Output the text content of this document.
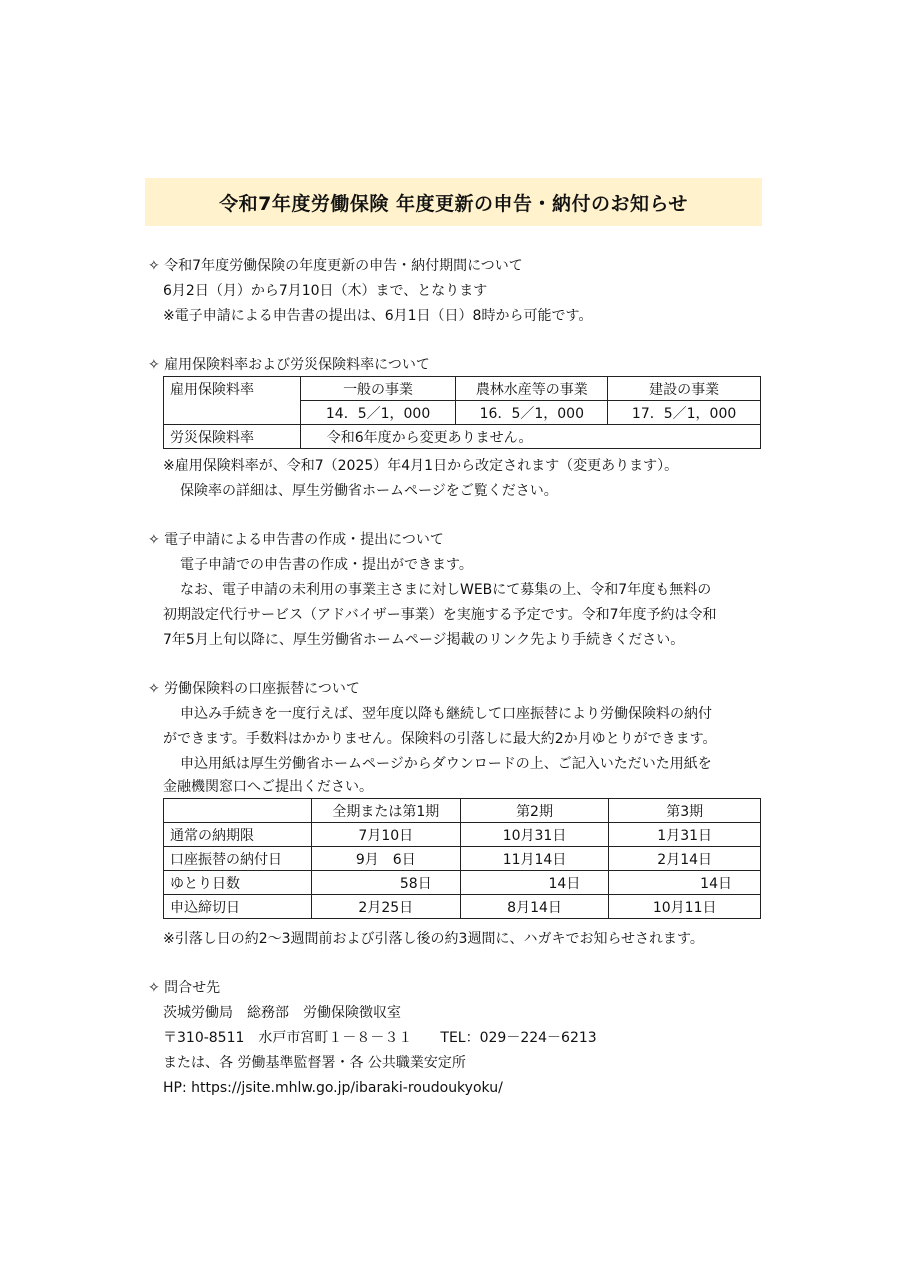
令和7年度労働保険 年度更新の申告・納付のお知らせ
✧ 令和7年度労働保険の年度更新の申告・納付期間について
6月2日（月）から7月10日（木）まで、となります
※電子申請による申告書の提出は、6月1日（日）8時から可能です。
✧ 雇用保険料率および労災保険料率について
雇用保険料率	一般の事業	農林水産等の事業	建設の事業
	14．5／1，000	16．5／1，000	17．5／1，000
労災保険料率	令和6年度から変更ありません。		
※雇用保険料率が、令和7（2025）年4月1日から改定されます（変更あります）。
保険率の詳細は、厚生労働省ホームページをご覧ください。
✧ 電子申請による申告書の作成・提出について
電子申請での申告書の作成・提出ができます。
なお、電子申請の未利用の事業主さまに対しWEBにて募集の上、令和7年度も無料の
初期設定代行サービス（アドバイザー事業）を実施する予定です。令和7年度予約は令和
7年5月上旬以降に、厚生労働省ホームページ掲載のリンク先より手続きください。
✧ 労働保険料の口座振替について
申込み手続きを一度行えば、翌年度以降も継続して口座振替により労働保険料の納付
ができます。手数料はかかりません。保険料の引落しに最大約2か月ゆとりができます。
申込用紙は厚生労働省ホームページからダウンロードの上、ご記入いただいた用紙を
金融機関窓口へご提出ください。
	全期または第1期	第2期	第3期
通常の納期限	7月10日	10月31日	1月31日
口座振替の納付日	9月　6日	11月14日	2月14日
ゆとり日数	58日	14日	14日
申込締切日	2月25日	8月14日	10月11日
※引落し日の約2～3週間前および引落し後の約3週間に、ハガキでお知らせされます。
✧ 問合せ先
茨城労働局　総務部　労働保険徴収室
〒310-8511　水戸市宮町１－８－３１　　TEL：029－224－6213
または、各 労働基準監督署・各 公共職業安定所
HP: https://jsite.mhlw.go.jp/ibaraki-roudoukyoku/
